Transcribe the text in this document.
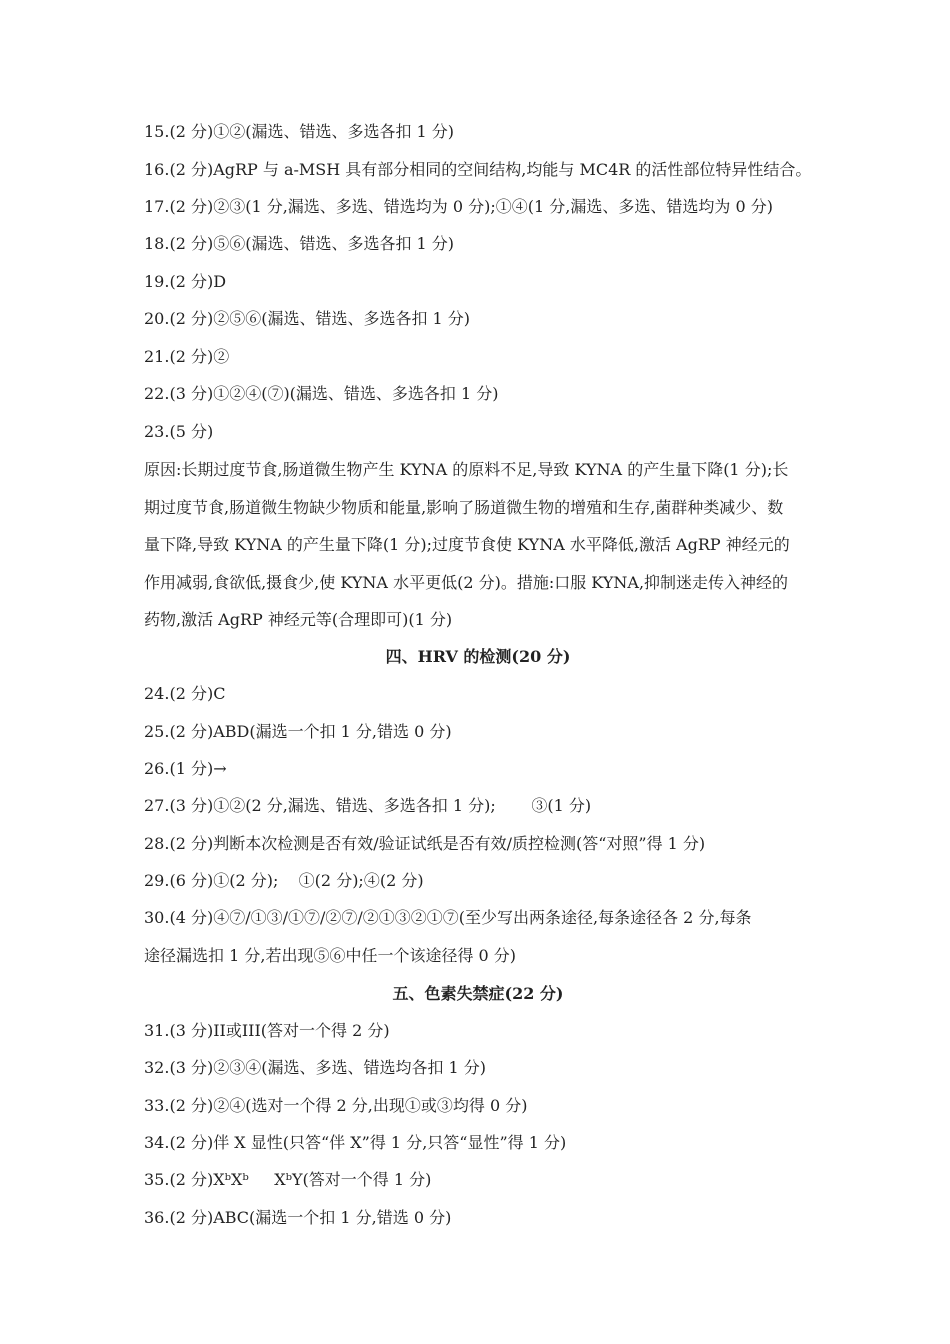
15.(2 分)①②(漏选、错选、多选各扣 1 分)
16.(2 分)AgRP 与 a-MSH 具有部分相同的空间结构,均能与 MC4R 的活性部位特异性结合。
17.(2 分)②③(1 分,漏选、多选、错选均为 0 分);①④(1 分,漏选、多选、错选均为 0 分)
18.(2 分)⑤⑥(漏选、错选、多选各扣 1 分)
19.(2 分)D
20.(2 分)②⑤⑥(漏选、错选、多选各扣 1 分)
21.(2 分)②
22.(3 分)①②④(⑦)(漏选、错选、多选各扣 1 分)
23.(5 分)

原因:长期过度节食,肠道微生物产生 KYNA 的原料不足,导致 KYNA 的产生量下降(1 分);长

期过度节食,肠道微生物缺少物质和能量,影响了肠道微生物的增殖和生存,菌群种类减少、数

量下降,导致 KYNA 的产生量下降(1 分);过度节食使 KYNA 水平降低,激活 AgRP 神经元的

作用减弱,食欲低,摄食少,使 KYNA 水平更低(2 分)。措施:口服 KYNA,抑制迷走传入神经的

药物,激活 AgRP 神经元等(合理即可)(1 分)

四、HRV 的检测(20 分)
24.(2 分)C
25.(2 分)ABD(漏选一个扣 1 分,错选 0 分)
26.(1 分)→
27.(3 分)①②(2 分,漏选、错选、多选各扣 1 分);       ③(1 分)
28.(2 分)判断本次检测是否有效/验证试纸是否有效/质控检测(答“对照”得 1 分)
29.(6 分)①(2 分);    ①(2 分);④(2 分)
30.(4 分)④⑦/①③/①⑦/②⑦/②①③②①⑦(至少写出两条途径,每条途径各 2 分,每条
途径漏选扣 1 分,若出现⑤⑥中任一个该途径得 0 分)
五、色素失禁症(22 分)
31.(3 分)II或III(答对一个得 2 分)
32.(3 分)②③④(漏选、多选、错选均各扣 1 分)
33.(2 分)②④(选对一个得 2 分,出现①或③均得 0 分)
34.(2 分)伴 X 显性(只答“伴 X”得 1 分,只答“显性”得 1 分)
35.(2 分)XᵇXᵇ     XᵇY(答对一个得 1 分)
36.(2 分)ABC(漏选一个扣 1 分,错选 0 分)
